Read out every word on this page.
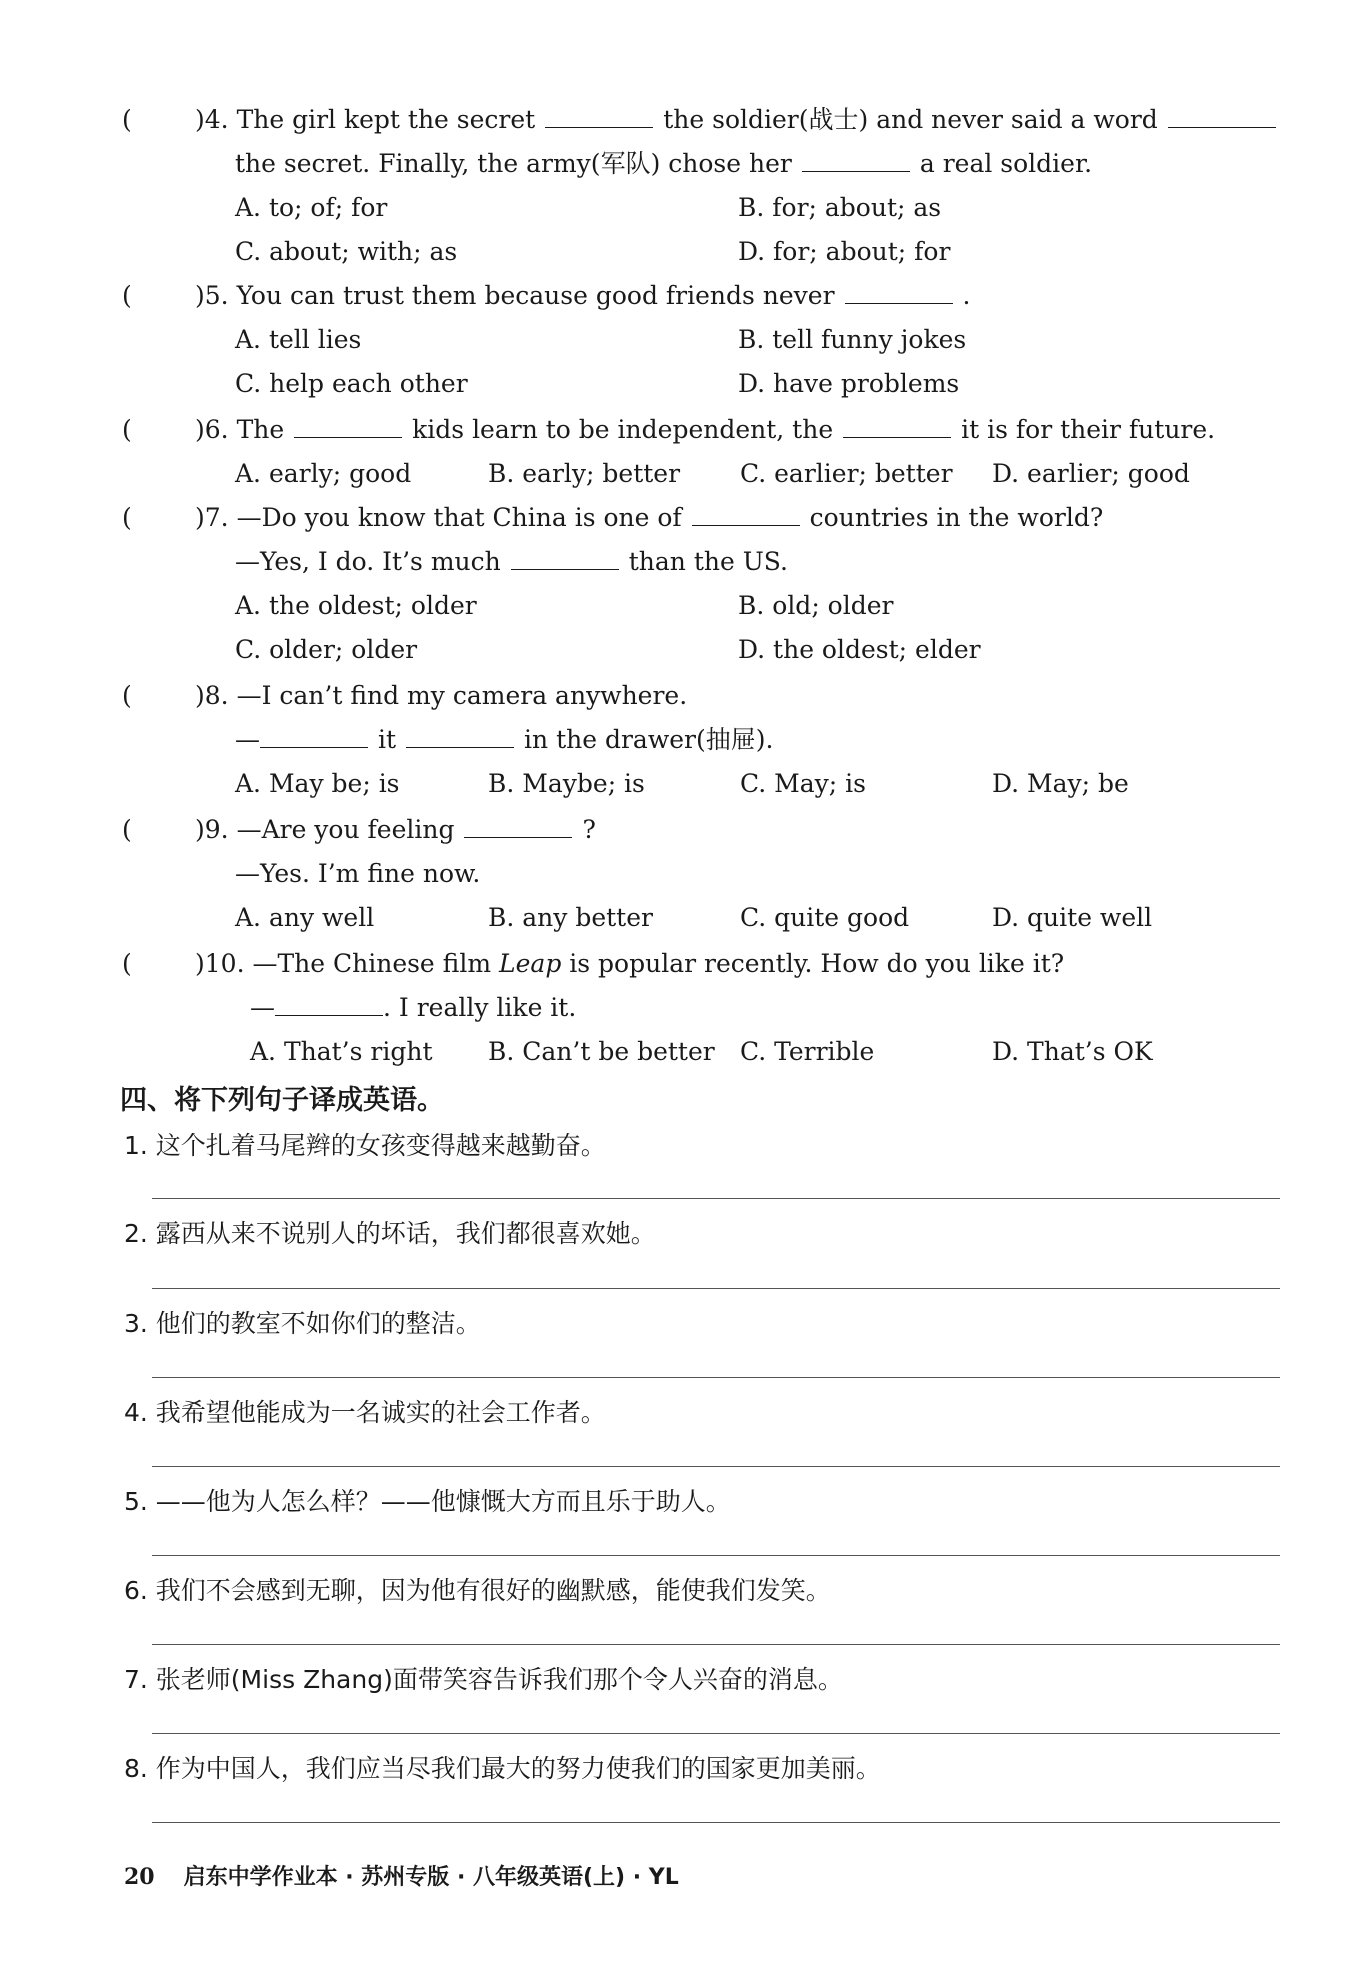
(	)4. The girl kept the secret	the soldier(战士) and never said a word
the secret. Finally, the army(军队) chose her	a real soldier.
A. to; of; for	B. for; about; as
C. about; with; as	D. for; about; for
(	)5. You can trust them because good friends never	.
A. tell lies	B. tell funny jokes
C. help each other	D. have problems
(	)6. The	kids learn to be independent, the	it is for their future.
A. early; good	B. early; better C. earlier; better D. earlier; good
(	)7. —Do you know that China is one of	countries in the world?
—Yes, I do. It’s much	than the US.
A. the oldest; older	B. old; older
C. older; older	D. the oldest; elder
(	)8. —I can’t find my camera anywhere.
—	it	in the drawer(抽屉).
A. May be; is	B. Maybe; is	C. May; is	D. May; be
(	)9. —Are you feeling	?
—Yes. I’m fine now.
A. any well	B. any better	C. quite good	D. quite well
(	)10. —The Chinese film Leap is popular recently. How do you like it?
—	. I really like it.
A. That’s right B. Can’t be better C. Terrible	D. That’s OK
四、将下列句子译成英语。
1. 这个扎着马尾辫的女孩变得越来越勤奋。
2. 露西从来不说别人的坏话，我们都很喜欢她。
3. 他们的教室不如你们的整洁。
4. 我希望他能成为一名诚实的社会工作者。
5. ——他为人怎么样？——他慷慨大方而且乐于助人。
6. 我们不会感到无聊，因为他有很好的幽默感，能使我们发笑。
7. 张老师(Miss Zhang)面带笑容告诉我们那个令人兴奋的消息。
8. 作为中国人，我们应当尽我们最大的努力使我们的国家更加美丽。
20 启东中学作业本 · 苏州专版 · 八年级英语(上) · YL
